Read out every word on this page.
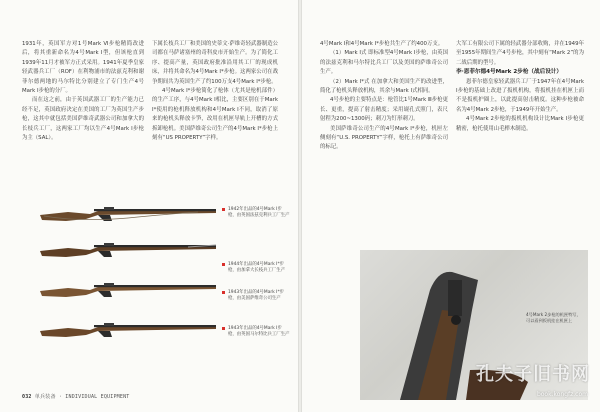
1931年，英国军方对1号Mark Ⅵ步枪精简改进后，将其重新命名为4号Mark I型，但该枪直到1939年11月才被军方正式采用。1941年夏季皇家轻武器兵工厂（ROF）在利物浦市的法兹克利和谢菲尔德两地的马尔特比分别建立了专门生产4号Mark I步枪的分厂。

而在这之前，由于英国武器工厂的生产能力已经不足，英国政府决定在美国的工厂为英国生产步枪，这其中就包括美国萨维奇武器公司和加拿大的长枝兵工厂，这两家工厂均以生产4号Mark I步枪为主（SAL）。

下属长枝兵工厂和美国的史蒂文·萨维奇轻武器制造公司都在马萨诸塞州的奇科皮市开始生产。为了简化工序、提高产量，英国政府批准沿用其工厂的现成机床，并将其命名为4号Mark I*步枪。这两家公司在战争期间共为英国生产了约100万支4号Mark I*步枪。

4号Mark I*步枪简化了枪体（尤其是枪机部件）的生产工序，与4号Mark I相比，主要区别在于Mark I*使用的枪机释放机构和4号Mark I不同，取消了原来的枪机头释放卡笋，改用在机匣导轨上开槽的方式拆卸枪机。美国萨维奇公司生产的4号Mark I*步枪上刻有“US PROPERTY”字样。

1942年出品的4号Mark I步枪，由英国法兹克利兵工厂生产
1944年出品的4号Mark I*步枪，由加拿大长枝兵工厂生产
1943年出品的4号Mark I*步枪，由美国萨维奇公司生产
1943年出品的4号Mark I步枪，由英国马尔特比兵工厂生产
032 单兵装备 · INDIVIDUAL EQUIPMENT

4号Mark I和4号Mark I*步枪共生产了约400万支。

（1）Mark I式 即标准型4号Mark I步枪，由英国的法兹克利和马尔特比兵工厂以及美国的萨维奇公司生产。

（2）Mark I*式 在加拿大和美国生产的改进型，简化了枪机头释放机构，其余与Mark I式相同。

4号步枪的主要特点是：枪管比1号Mark Ⅲ步枪更长、更重，提高了射击精度；采用觇孔式照门，表尺射程为200~1300码；刺刀为钉形刺刀。

美国萨维奇公司生产的4号Mark I*步枪，机匣左侧刻有“U.S. PROPERTY”字样，枪托上有萨维奇公司的标记。

大军工有限公司下属的轻武器分部收购，并在1949年至1955年期间生产4号步枪，其中刻有“Mark 2”的为二战后期的型号。

李·恩菲尔德4号Mark 2步枪（战后设计）

恩菲尔德皇家轻武器兵工厂于1947年在4号Mark I步枪的基础上改进了扳机机构，将扳机挂在机匣上而不是扳机护圈上，以此提高射击精度。这种步枪被命名为4号Mark 2步枪，于1949年开始生产。

4号Mark 2步枪的扳机机构设计比Mark I步枪更精密，枪托使用山毛榉木制造。

4号Mark 2步枪的机匣特写，可以看到扳机挂在机匣上
孔夫子旧书网
book.kongfz.com
